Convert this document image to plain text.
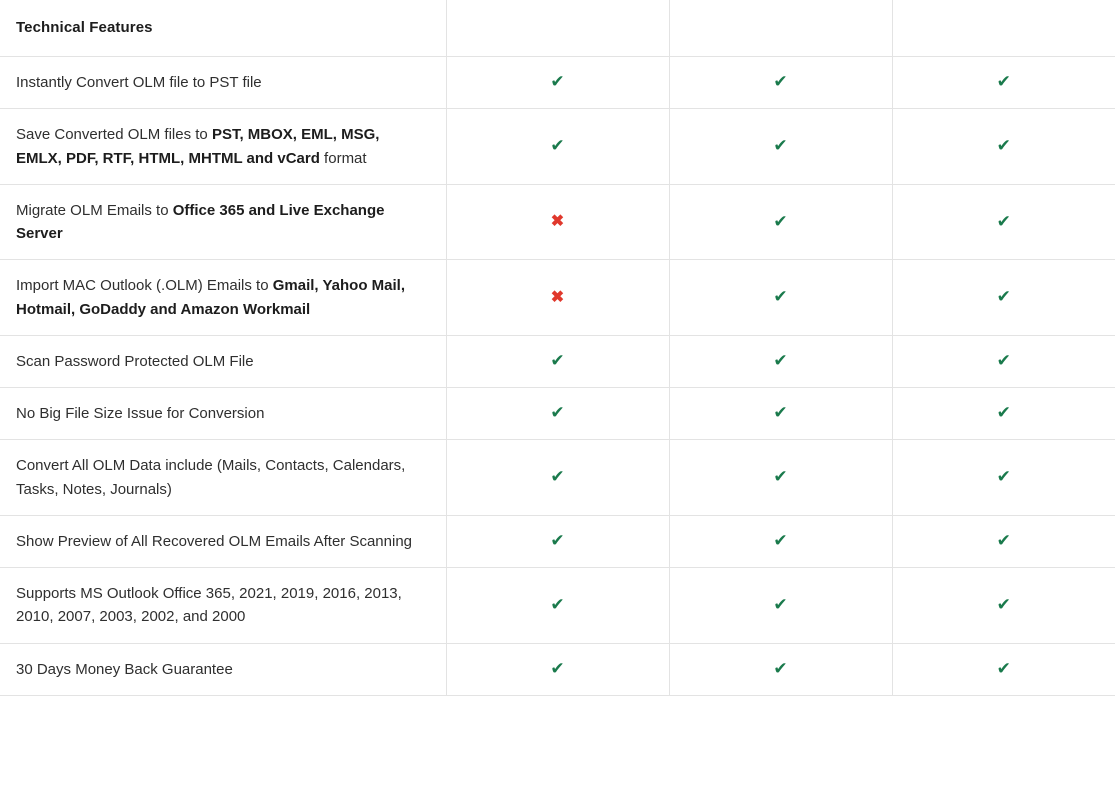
Technical Features			

Instantly Convert OLM file to PST file	✔	✔	✔
Save Converted OLM files to PST, MBOX, EML, MSG, EMLX, PDF, RTF, HTML, MHTML and vCard format	✔	✔	✔
Migrate OLM Emails to Office 365 and Live Exchange Server	✖	✔	✔
Import MAC Outlook (.OLM) Emails to Gmail, Yahoo Mail, Hotmail, GoDaddy and Amazon Workmail	✖	✔	✔
Scan Password Protected OLM File	✔	✔	✔
No Big File Size Issue for Conversion	✔	✔	✔
Convert All OLM Data include (Mails, Contacts, Calendars, Tasks, Notes, Journals)	✔	✔	✔
Show Preview of All Recovered OLM Emails After Scanning	✔	✔	✔
Supports MS Outlook Office 365, 2021, 2019, 2016, 2013, 2010, 2007, 2003, 2002, and 2000	✔	✔	✔
30 Days Money Back Guarantee	✔	✔	✔
